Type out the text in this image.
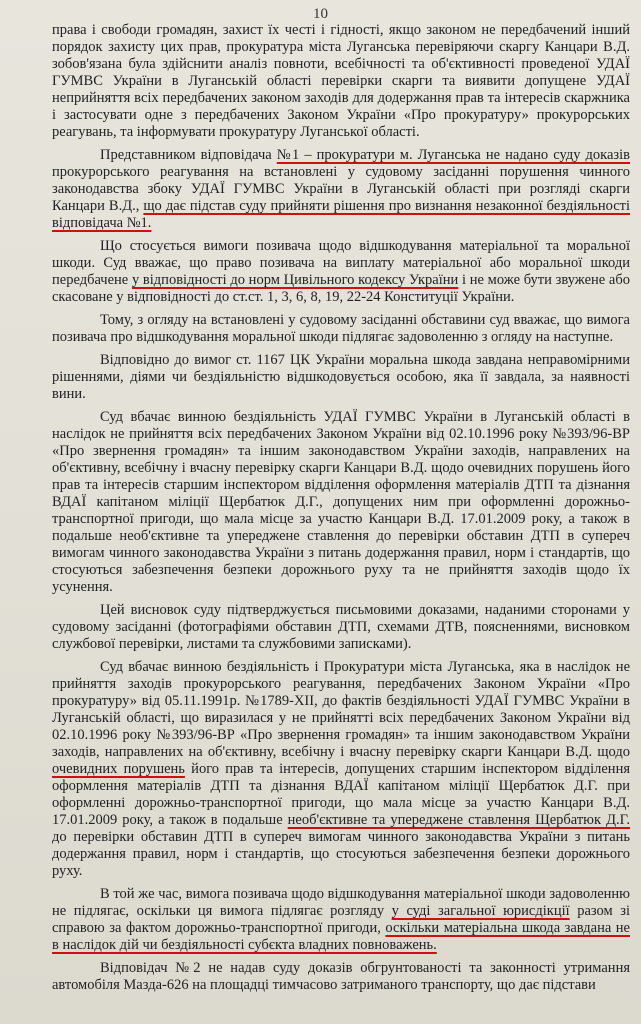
10

права і свободи громадян, захист їх честі і гідності, якщо законом не передбачений інший порядок захисту цих прав, прокуратура міста Луганська перевіряючи скаргу Канцари В.Д. зобов'язана була здійснити аналіз повноти, всебічності та об'єктивності проведеної УДАЇ ГУМВС України в Луганській області перевірки скарги та виявити допущене УДАЇ неприйняття всіх передбачених законом заходів для додержання прав та інтересів скаржника і застосувати одне з передбачених Законом України «Про прокуратуру» прокурорських реагувань, та інформувати прокуратуру Луганської області.

Представником відповідача №1 – прокуратури м. Луганська не надано суду доказів прокурорського реагування на встановлені у судовому засіданні порушення чинного законодавства збоку УДАЇ ГУМВС України в Луганській області при розгляді скарги Канцари В.Д., що дає підстав суду прийняти рішення про визнання незаконної бездіяльності відповідача №1.

Що стосується вимоги позивача щодо відшкодування матеріальної та моральної шкоди. Суд вважає, що право позивача на виплату матеріальної або моральної шкоди передбачене у відповідності до норм Цивільного кодексу України і не може бути звужене або скасоване у відповідності до ст.ст. 1, 3, 6, 8, 19, 22-24 Конституції України.

Тому, з огляду на встановлені у судовому засіданні обставини суд вважає, що вимога позивача про відшкодування моральної шкоди підлягає задоволенню з огляду на наступне.

Відповідно до вимог ст. 1167 ЦК України моральна шкода завдана неправомірними рішеннями, діями чи бездіяльністю відшкодовується особою, яка її завдала, за наявності вини.

Суд вбачає винною бездіяльність УДАЇ ГУМВС України в Луганській області в наслідок не прийняття всіх передбачених Законом України від 02.10.1996 року №393/96-ВР «Про звернення громадян» та іншим законодавством України заходів, направлених на об'єктивну, всебічну і вчасну перевірку скарги Канцари В.Д. щодо очевидних порушень його прав та інтересів старшим інспектором відділення оформлення матеріалів ДТП та дізнання ВДАЇ капітаном міліції Щербатюк Д.Г., допущених ним при оформленні дорожньо-транспортної пригоди, що мала місце за участю Канцари В.Д. 17.01.2009 року, а також в подальше необ'єктивне та упереджене ставлення до перевірки обставин ДТП в супереч вимогам чинного законодавства України з питань додержання правил, норм і стандартів, що стосуються забезпечення безпеки дорожнього руху та не прийняття заходів щодо їх усунення.

Цей висновок суду підтверджується письмовими доказами, наданими сторонами у судовому засіданні (фотографіями обставин ДТП, схемами ДТВ, поясненнями, висновком службової перевірки, листами та службовими записками).

Суд вбачає винною бездіяльність і Прокуратури міста Луганська, яка в наслідок не прийняття заходів прокурорського реагування, передбачених Законом України «Про прокуратуру» від 05.11.1991р. №1789-ХІІ, до фактів бездіяльності УДАЇ ГУМВС України в Луганській області, що виразилася у не прийнятті всіх передбачених Законом України від 02.10.1996 року №393/96-ВР «Про звернення громадян» та іншим законодавством України заходів, направлених на об'єктивну, всебічну і вчасну перевірку скарги Канцари В.Д. щодо очевидних порушень його прав та інтересів, допущених старшим інспектором відділення оформлення матеріалів ДТП та дізнання ВДАЇ капітаном міліції Щербатюк Д.Г. при оформленні дорожньо-транспортної пригоди, що мала місце за участю Канцари В.Д. 17.01.2009 року, а також в подальше необ'єктивне та упереджене ставлення Щербатюк Д.Г. до перевірки обставин ДТП в супереч вимогам чинного законодавства України з питань додержання правил, норм і стандартів, що стосуються забезпечення безпеки дорожнього руху.

В той же час, вимога позивача щодо відшкодування матеріальної шкоди задоволенню не підлягає, оскільки ця вимога підлягає розгляду у суді загальної юрисдікції разом зі справою за фактом дорожньо-транспортної пригоди, оскільки матеріальна шкода завдана не в наслідок дій чи бездіяльності субєкта владних повноважень.

Відповідач №2 не надав суду доказів обгрунтованості та законності утримання автомобіля Мазда-626 на площадці тимчасово затриманого транспорту, що дає підстави
